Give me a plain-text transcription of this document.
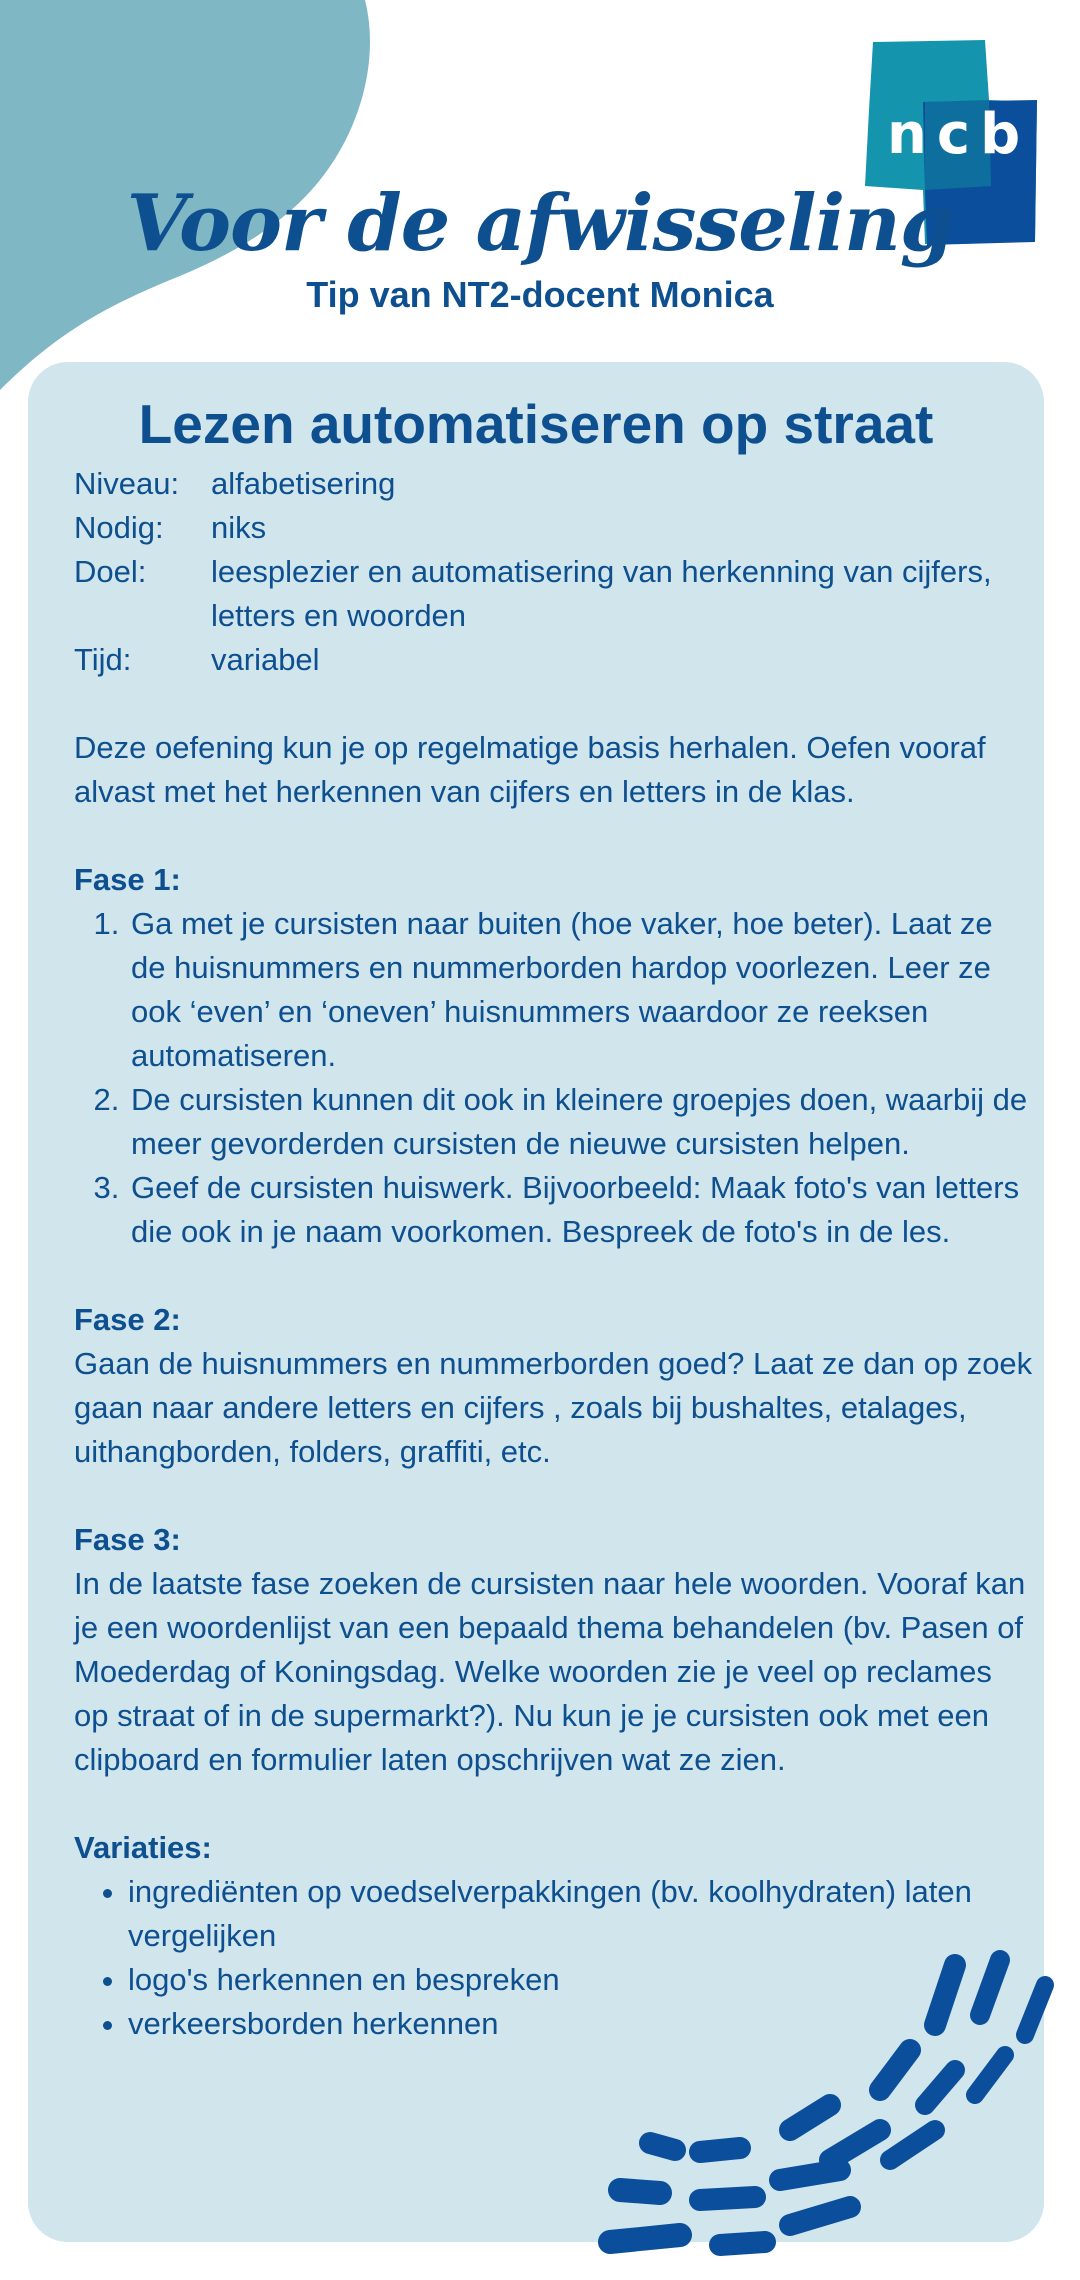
ncb
Voor de afwisseling
Tip van NT2-docent Monica
Lezen automatiseren op straat
Niveau:	alfabetisering
Nodig:	niks
Doel:	leesplezier en automatisering van herkenning van cijfers, letters en woorden
Tijd:	variabel

Deze oefening kun je op regelmatige basis herhalen. Oefen vooraf alvast met het herkennen van cijfers en letters in de klas.

Fase 1:
1. Ga met je cursisten naar buiten (hoe vaker, hoe beter). Laat ze de huisnummers en nummerborden hardop voorlezen. Leer ze ook ‘even’ en ‘oneven’ huisnummers waardoor ze reeksen automatiseren.
2. De cursisten kunnen dit ook in kleinere groepjes doen, waarbij de meer gevorderden cursisten de nieuwe cursisten helpen.
3. Geef de cursisten huiswerk. Bijvoorbeeld: Maak foto's van letters die ook in je naam voorkomen. Bespreek de foto's in de les.
Fase 2:

Gaan de huisnummers en nummerborden goed? Laat ze dan op zoek gaan naar andere letters en cijfers , zoals bij bushaltes, etalages, uithangborden, folders, graffiti, etc.

Fase 3:

In de laatste fase zoeken de cursisten naar hele woorden. Vooraf kan je een woordenlijst van een bepaald thema behandelen (bv. Pasen of Moederdag of Koningsdag. Welke woorden zie je veel op reclames op straat of in de supermarkt?). Nu kun je je cursisten ook met een clipboard en formulier laten opschrijven wat ze zien.

Variaties:
• ingrediënten op voedselverpakkingen (bv. koolhydraten) laten vergelijken
• logo's herkennen en bespreken
• verkeersborden herkennen
